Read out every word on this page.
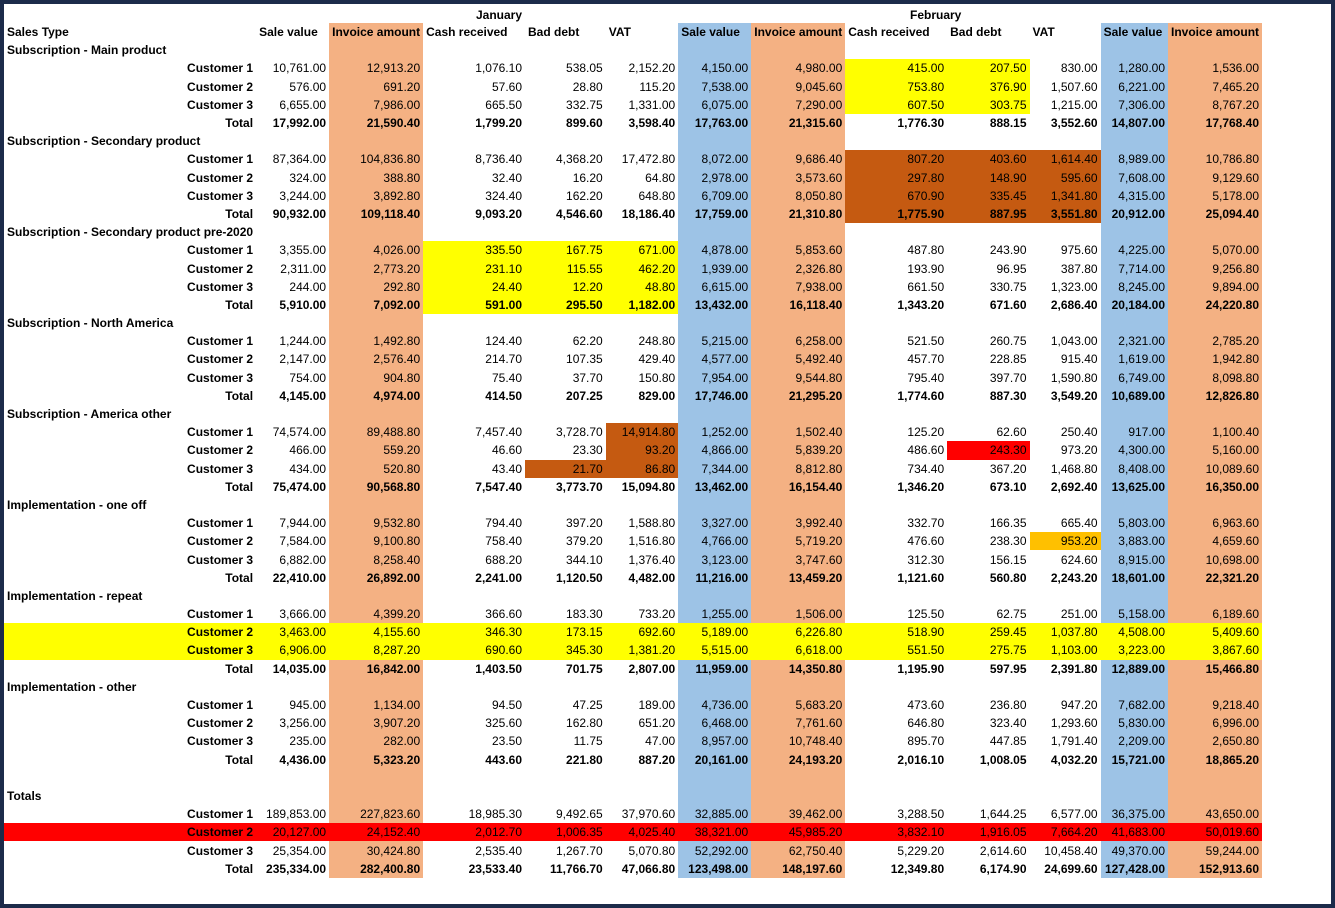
January	February
Sales Type	Sale value	Invoice amount	Cash received	Bad debt	VAT	Sale value	Invoice amount	Cash received	Bad debt	VAT	Sale value	Invoice amount
Subscription - Main product												
Customer 1	10,761.00	12,913.20	1,076.10	538.05	2,152.20	4,150.00	4,980.00	415.00	207.50	830.00	1,280.00	1,536.00
Customer 2	576.00	691.20	57.60	28.80	115.20	7,538.00	9,045.60	753.80	376.90	1,507.60	6,221.00	7,465.20
Customer 3	6,655.00	7,986.00	665.50	332.75	1,331.00	6,075.00	7,290.00	607.50	303.75	1,215.00	7,306.00	8,767.20
Total	17,992.00	21,590.40	1,799.20	899.60	3,598.40	17,763.00	21,315.60	1,776.30	888.15	3,552.60	14,807.00	17,768.40
Subscription - Secondary product												
Customer 1	87,364.00	104,836.80	8,736.40	4,368.20	17,472.80	8,072.00	9,686.40	807.20	403.60	1,614.40	8,989.00	10,786.80
Customer 2	324.00	388.80	32.40	16.20	64.80	2,978.00	3,573.60	297.80	148.90	595.60	7,608.00	9,129.60
Customer 3	3,244.00	3,892.80	324.40	162.20	648.80	6,709.00	8,050.80	670.90	335.45	1,341.80	4,315.00	5,178.00
Total	90,932.00	109,118.40	9,093.20	4,546.60	18,186.40	17,759.00	21,310.80	1,775.90	887.95	3,551.80	20,912.00	25,094.40
Subscription - Secondary product pre-2020												
Customer 1	3,355.00	4,026.00	335.50	167.75	671.00	4,878.00	5,853.60	487.80	243.90	975.60	4,225.00	5,070.00
Customer 2	2,311.00	2,773.20	231.10	115.55	462.20	1,939.00	2,326.80	193.90	96.95	387.80	7,714.00	9,256.80
Customer 3	244.00	292.80	24.40	12.20	48.80	6,615.00	7,938.00	661.50	330.75	1,323.00	8,245.00	9,894.00
Total	5,910.00	7,092.00	591.00	295.50	1,182.00	13,432.00	16,118.40	1,343.20	671.60	2,686.40	20,184.00	24,220.80
Subscription - North America												
Customer 1	1,244.00	1,492.80	124.40	62.20	248.80	5,215.00	6,258.00	521.50	260.75	1,043.00	2,321.00	2,785.20
Customer 2	2,147.00	2,576.40	214.70	107.35	429.40	4,577.00	5,492.40	457.70	228.85	915.40	1,619.00	1,942.80
Customer 3	754.00	904.80	75.40	37.70	150.80	7,954.00	9,544.80	795.40	397.70	1,590.80	6,749.00	8,098.80
Total	4,145.00	4,974.00	414.50	207.25	829.00	17,746.00	21,295.20	1,774.60	887.30	3,549.20	10,689.00	12,826.80
Subscription - America other												
Customer 1	74,574.00	89,488.80	7,457.40	3,728.70	14,914.80	1,252.00	1,502.40	125.20	62.60	250.40	917.00	1,100.40
Customer 2	466.00	559.20	46.60	23.30	93.20	4,866.00	5,839.20	486.60	243.30	973.20	4,300.00	5,160.00
Customer 3	434.00	520.80	43.40	21.70	86.80	7,344.00	8,812.80	734.40	367.20	1,468.80	8,408.00	10,089.60
Total	75,474.00	90,568.80	7,547.40	3,773.70	15,094.80	13,462.00	16,154.40	1,346.20	673.10	2,692.40	13,625.00	16,350.00
Implementation - one off												
Customer 1	7,944.00	9,532.80	794.40	397.20	1,588.80	3,327.00	3,992.40	332.70	166.35	665.40	5,803.00	6,963.60
Customer 2	7,584.00	9,100.80	758.40	379.20	1,516.80	4,766.00	5,719.20	476.60	238.30	953.20	3,883.00	4,659.60
Customer 3	6,882.00	8,258.40	688.20	344.10	1,376.40	3,123.00	3,747.60	312.30	156.15	624.60	8,915.00	10,698.00
Total	22,410.00	26,892.00	2,241.00	1,120.50	4,482.00	11,216.00	13,459.20	1,121.60	560.80	2,243.20	18,601.00	22,321.20
Implementation - repeat												
Customer 1	3,666.00	4,399.20	366.60	183.30	733.20	1,255.00	1,506.00	125.50	62.75	251.00	5,158.00	6,189.60
Customer 2	3,463.00	4,155.60	346.30	173.15	692.60	5,189.00	6,226.80	518.90	259.45	1,037.80	4,508.00	5,409.60
Customer 3	6,906.00	8,287.20	690.60	345.30	1,381.20	5,515.00	6,618.00	551.50	275.75	1,103.00	3,223.00	3,867.60
Total	14,035.00	16,842.00	1,403.50	701.75	2,807.00	11,959.00	14,350.80	1,195.90	597.95	2,391.80	12,889.00	15,466.80
Implementation - other												
Customer 1	945.00	1,134.00	94.50	47.25	189.00	4,736.00	5,683.20	473.60	236.80	947.20	7,682.00	9,218.40
Customer 2	3,256.00	3,907.20	325.60	162.80	651.20	6,468.00	7,761.60	646.80	323.40	1,293.60	5,830.00	6,996.00
Customer 3	235.00	282.00	23.50	11.75	47.00	8,957.00	10,748.40	895.70	447.85	1,791.40	2,209.00	2,650.80
Total	4,436.00	5,323.20	443.60	221.80	887.20	20,161.00	24,193.20	2,016.10	1,008.05	4,032.20	15,721.00	18,865.20

Totals												
Customer 1	189,853.00	227,823.60	18,985.30	9,492.65	37,970.60	32,885.00	39,462.00	3,288.50	1,644.25	6,577.00	36,375.00	43,650.00
Customer 2	20,127.00	24,152.40	2,012.70	1,006.35	4,025.40	38,321.00	45,985.20	3,832.10	1,916.05	7,664.20	41,683.00	50,019.60
Customer 3	25,354.00	30,424.80	2,535.40	1,267.70	5,070.80	52,292.00	62,750.40	5,229.20	2,614.60	10,458.40	49,370.00	59,244.00
Total	235,334.00	282,400.80	23,533.40	11,766.70	47,066.80	123,498.00	148,197.60	12,349.80	6,174.90	24,699.60	127,428.00	152,913.60
